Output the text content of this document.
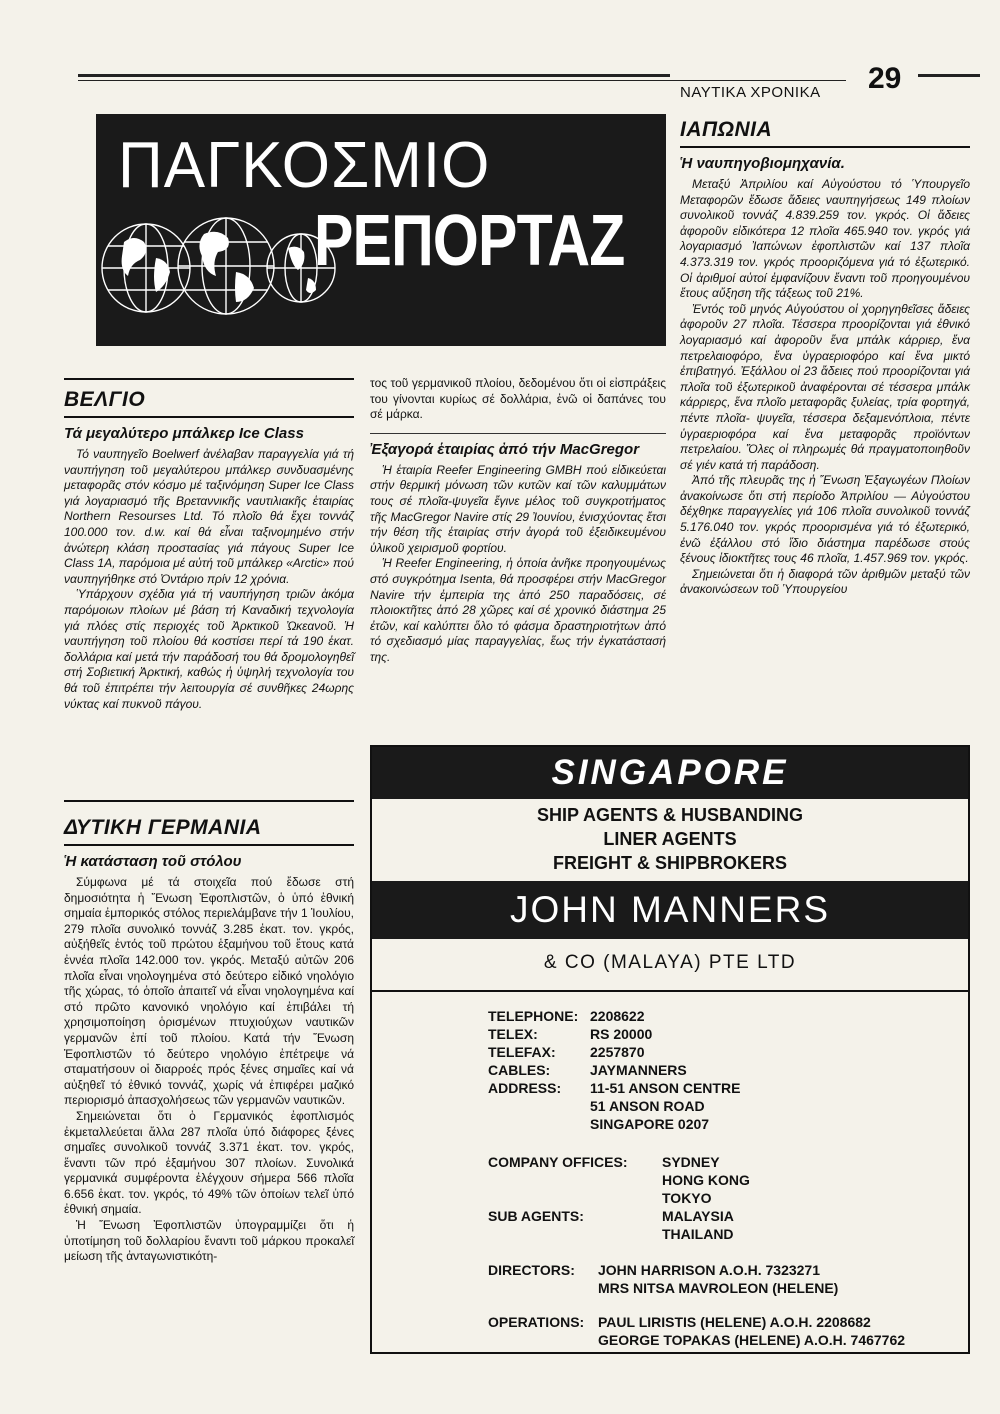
ΝΑΥΤΙΚΑ ΧΡΟΝΙΚΑ 29
ΠΑΓΚΟΣΜΙΟ
ΡΕΠΟΡΤΑΖ
ΒΕΛΓΙΟ
Τά μεγαλύτερο μπάλκερ Ice Class

Τό ναυπηγεῖο Boelwerf ἀνέλαβαν παραγγελία γιά τή ναυπήγηση τοῦ μεγαλύτερου μπάλκερ συνδυασμένης μεταφορᾶς στόν κόσμο μέ ταξινόμηση Super Ice Class γιά λογαριασμό τῆς Βρεταννικῆς ναυτιλιακῆς ἑταιρίας Northern Resourses Ltd. Τό πλοῖο θά ἔχει τοννάζ 100.000 τον. d.w. καί θά εἶναι ταξινομημένο στήν ἀνώτερη κλάση προστασίας γιά πάγους Super Ice Class 1A, παρόμοια μέ αὐτή τοῦ μπάλκερ «Arctic» πού ναυπηγήθηκε στό Ὀντάριο πρίν 12 χρόνια.

Ὑπάρχουν σχέδια γιά τή ναυπήγηση τριῶν ἀκόμα παρόμοιων πλοίων μέ βάση τή Καναδική τεχνολογία γιά πλόες στίς περιοχές τοῦ Ἀρκτικοῦ Ὠκεανοῦ. Ἡ ναυπήγηση τοῦ πλοίου θά κοστίσει περί τά 190 ἑκατ. δολλάρια καί μετά τήν παράδοσή του θά δρομολογηθεῖ στή Σοβιετική Ἀρκτική, καθώς ἡ ὑψηλή τεχνολογία του θά τοῦ ἐπιτρέπει τήν λειτουργία σέ συνθῆκες 24ωρης νύκτας καί πυκνοῦ πάγου.

ΔΥΤΙΚΗ ΓΕΡΜΑΝΙΑ
Ἡ κατάσταση τοῦ στόλου

Σύμφωνα μέ τά στοιχεῖα πού ἔδωσε στή δημοσιότητα ἡ Ἕνωση Ἐφοπλιστῶν, ὁ ὑπό ἐθνική σημαία ἐμπορικός στόλος περιελάμβανε τήν 1 Ἰουλίου, 279 πλοῖα συνολικό τοννάζ 3.285 ἑκατ. τον. γκρός, αὐξήθεῖς ἐντός τοῦ πρώτου ἑξαμήνου τοῦ ἔτους κατά ἐννέα πλοῖα 142.000 τον. γκρός. Μεταξύ αὐτῶν 206 πλοῖα εἶναι νηολογημένα στό δεύτερο εἰδικό νηολόγιο τῆς χώρας, τό ὁποῖο ἀπαιτεῖ νά εἶναι νηολογημένα καί στό πρῶτο κανονικό νηολόγιο καί ἐπιβάλει τή χρησιμοποίηση ὁρισμένων πτυχιούχων ναυτικῶν γερμανῶν ἐπί τοῦ πλοίου. Κατά τήν Ἕνωση Ἐφοπλιστῶν τό δεύτερο νηολόγιο ἐπέτρεψε νά σταματήσουν οἱ διαρροές πρός ξένες σημαῖες καί νά αὐξηθεῖ τό ἐθνικό τοννάζ, χωρίς νά ἐπιφέρει μαζικό περιορισμό ἀπασχολήσεως τῶν γερμανῶν ναυτικῶν.

Σημειώνεται ὅτι ὁ Γερμανικός ἐφοπλισμός ἐκμεταλλεύεται ἄλλα 287 πλοῖα ὑπό διάφορες ξένες σημαῖες συνολικοῦ τοννάζ 3.371 ἑκατ. τον. γκρός, ἔναντι τῶν πρό ἑξαμήνου 307 πλοίων. Συνολικά γερμανικά συμφέροντα ἐλέγχουν σήμερα 566 πλοῖα 6.656 ἑκατ. τον. γκρός, τό 49% τῶν ὁποίων τελεῖ ὑπό ἐθνική σημαία.

Ἡ Ἕνωση Ἐφοπλιστῶν ὑπογραμμίζει ὅτι ἡ ὑποτίμηση τοῦ δολλαρίου ἔναντι τοῦ μάρκου προκαλεῖ μείωση τῆς ἀνταγωνιστικότη-

τος τοῦ γερμανικοῦ πλοίου, δεδομένου ὅτι οἱ εἰσπράξεις του γίνονται κυρίως σέ δολλάρια, ἐνῶ οἱ δαπάνες του σέ μάρκα.

Ἐξαγορά ἑταιρίας ἀπό τήν MacGregor

Ἡ ἑταιρία Reefer Engineering GMBH πού εἰδικεύεται στήν θερμική μόνωση τῶν κυτῶν καί τῶν καλυμμάτων τους σέ πλοῖα-ψυγεῖα ἔγινε μέλος τοῦ συγκροτήματος τῆς MacGregor Navire στίς 29 Ἰουνίου, ἐνισχύοντας ἔτσι τήν θέση τῆς ἑταιρίας στήν ἀγορά τοῦ ἐξειδικευμένου ὑλικοῦ χειρισμοῦ φορτίου.

Ἡ Reefer Engineering, ἡ ὁποία ἀνῆκε προηγουμένως στό συγκρότημα Isenta, θά προσφέρει στήν MacGregor Navire τήν ἐμπειρία της ἀπό 250 παραδόσεις, σέ πλοιοκτῆτες ἀπό 28 χῶρες καί σέ χρονικό διάστημα 25 ἐτῶν, καί καλύπτει ὅλο τό φάσμα δραστηριοτήτων ἀπό τό σχεδιασμό μίας παραγγελίας, ἕως τήν ἐγκατάστασή της.

ΙΑΠΩΝΙΑ
Ἡ ναυπηγοβιομηχανία.

Μεταξύ Ἀπριλίου καί Αὐγούστου τό Ὑπουργεῖο Μεταφορῶν ἔδωσε ἄδειες ναυπηγήσεως 149 πλοίων συνολικοῦ τοννάζ 4.839.259 τον. γκρός. Οἱ ἄδειες ἀφοροῦν εἰδικότερα 12 πλοῖα 465.940 τον. γκρός γιά λογαριασμό Ἰαπώνων ἐφοπλιστῶν καί 137 πλοῖα 4.373.319 τον. γκρός προοριζόμενα γιά τό ἐξωτερικό. Οἱ ἀριθμοί αὐτοί ἐμφανίζουν ἔναντι τοῦ προηγουμένου ἔτους αὔξηση τῆς τάξεως τοῦ 21%.

Ἐντός τοῦ μηνός Αὐγούστου οἱ χορηγηθεῖσες ἄδειες ἀφοροῦν 27 πλοῖα. Τέσσερα προορίζονται γιά ἐθνικό λογαριασμό καί ἀφοροῦν ἕνα μπάλκ κάρριερ, ἕνα πετρελαιοφόρο, ἕνα ὑγραεριοφόρο καί ἕνα μικτό ἐπιβατηγό. Ἐξάλλου οἱ 23 ἄδειες πού προορίζονται γιά πλοῖα τοῦ ἐξωτερικοῦ ἀναφέρονται σέ τέσσερα μπάλκ κάρριερς, ἕνα πλοῖο μεταφορᾶς ξυλείας, τρία φορτηγά, πέντε πλοῖα- ψυγεῖα, τέσσερα δεξαμενόπλοια, πέντε ὑγραεριοφόρα καί ἕνα μεταφορᾶς προϊόντων πετρελαίου. Ὅλες οἱ πληρωμές θά πραγματοποιηθοῦν σέ γιέν κατά τή παράδοση.

Ἀπό τῆς πλευρᾶς της ἡ Ἕνωση Ἐξαγωγέων Πλοίων ἀνακοίνωσε ὅτι στή περίοδο Ἀπριλίου — Αὐγούστου δέχθηκε παραγγελίες γιά 106 πλοῖα συνολικοῦ τοννάζ 5.176.040 τον. γκρός προορισμένα γιά τό ἐξωτερικό, ἐνῶ ἐξάλλου στό ἴδιο διάστημα παρέδωσε στούς ξένους ἰδιοκτῆτες τους 46 πλοῖα, 1.457.969 τον. γκρός.

Σημειώνεται ὅτι ἡ διαφορά τῶν ἀριθμῶν μεταξύ τῶν ἀνακοινώσεων τοῦ Ὑπουργείου

SINGAPORE
SHIP AGENTS & HUSBANDING
LINER AGENTS
FREIGHT & SHIPBROKERS
JOHN MANNERS
& CO (MALAYA) PTE LTD
TELEPHONE: 2208622
TELEX:	RS 20000
TELEFAX: 2257870
CABLES:	JAYMANNERS
ADDRESS: 11-51 ANSON CENTRE
51 ANSON ROAD
SINGAPORE 0207
COMPANY OFFICES: SYDNEY
HONG KONG
TOKYO
SUB AGENTS:	MALAYSIA
THAILAND
DIRECTORS: JOHN HARRISON A.O.H. 7323271
MRS NITSA MAVROLEON (HELENE)
OPERATIONS: PAUL LIRISTIS (HELENE) A.O.H. 2208682
GEORGE TOPAKAS (HELENE) A.O.H. 7467762
